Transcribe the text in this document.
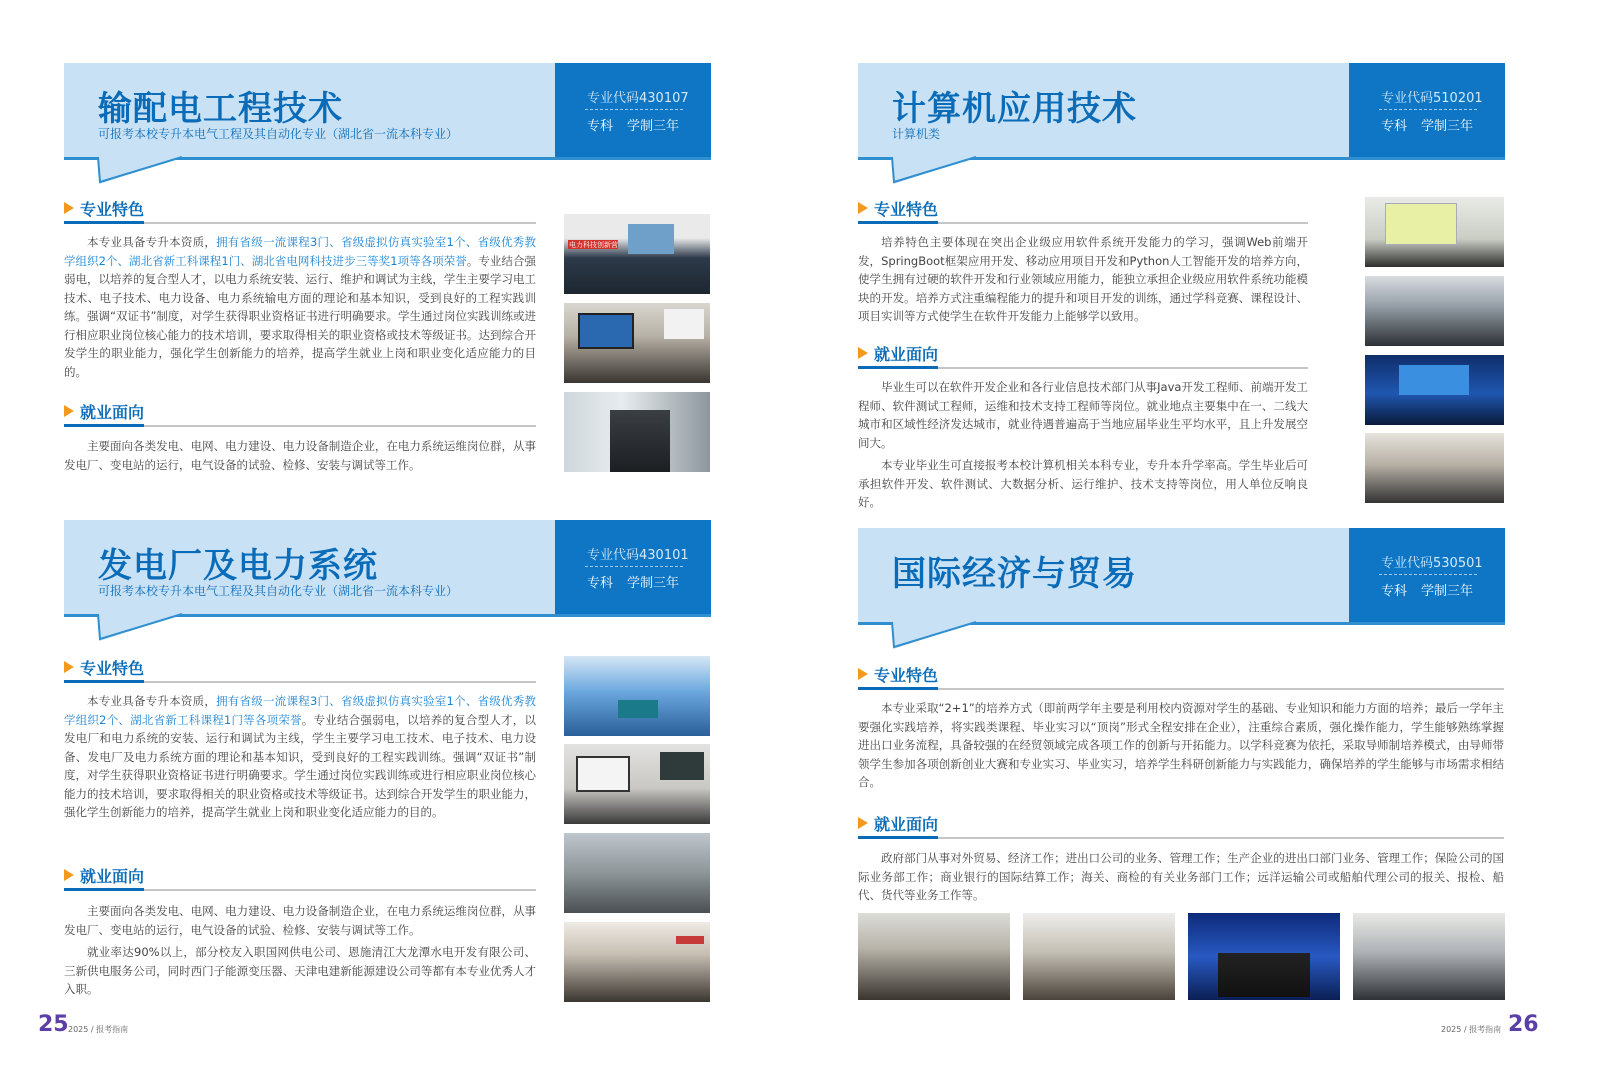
输配电工程技术
可报考本校专升本电气工程及其自动化专业（湖北省一流本科专业）
专业代码430107
专科 学制三年
专业特色
本专业具备专升本资质，拥有省级一流课程3门、省级虚拟仿真实验室1个、省级优秀教学组织2个、湖北省新工科课程1门、湖北省电网科技进步三等奖1项等各项荣誉。专业结合强弱电，以培养的复合型人才，以电力系统安装、运行、维护和调试为主线，学生主要学习电工技术、电子技术、电力设备、电力系统输电方面的理论和基本知识，受到良好的工程实践训练。强调“双证书”制度，对学生获得职业资格证书进行明确要求。学生通过岗位实践训练或进行相应职业岗位核心能力的技术培训，要求取得相关的职业资格或技术等级证书。达到综合开发学生的职业能力，强化学生创新能力的培养，提高学生就业上岗和职业变化适应能力的目的。
就业面向
主要面向各类发电、电网、电力建设、电力设备制造企业，在电力系统运维岗位群，从事发电厂、变电站的运行，电气设备的试验、检修、安装与调试等工作。
电力科技创新营
发电厂及电力系统
可报考本校专升本电气工程及其自动化专业（湖北省一流本科专业）
专业代码430101
专科 学制三年
专业特色
本专业具备专升本资质，拥有省级一流课程3门、省级虚拟仿真实验室1个、省级优秀教学组织2个、湖北省新工科课程1门等各项荣誉。专业结合强弱电，以培养的复合型人才，以发电厂和电力系统的安装、运行和调试为主线，学生主要学习电工技术、电子技术、电力设备、发电厂及电力系统方面的理论和基本知识，受到良好的工程实践训练。强调“双证书”制度，对学生获得职业资格证书进行明确要求。学生通过岗位实践训练或进行相应职业岗位核心能力的技术培训，要求取得相关的职业资格或技术等级证书。达到综合开发学生的职业能力，强化学生创新能力的培养，提高学生就业上岗和职业变化适应能力的目的。
就业面向
主要面向各类发电、电网、电力建设、电力设备制造企业，在电力系统运维岗位群，从事发电厂、变电站的运行，电气设备的试验、检修、安装与调试等工作。
就业率达90%以上，部分校友入职国网供电公司、恩施清江大龙潭水电开发有限公司、三新供电服务公司，同时西门子能源变压器、天津电建新能源建设公司等都有本专业优秀人才入职。
25 2025 / 报考指南
计算机应用技术
计算机类
专业代码510201
专科 学制三年
专业特色
培养特色主要体现在突出企业级应用软件系统开发能力的学习，强调Web前端开发，SpringBoot框架应用开发、移动应用项目开发和Python人工智能开发的培养方向，使学生拥有过硬的软件开发和行业领域应用能力，能独立承担企业级应用软件系统功能模块的开发。培养方式注重编程能力的提升和项目开发的训练，通过学科竞赛、课程设计、项目实训等方式使学生在软件开发能力上能够学以致用。
就业面向
毕业生可以在软件开发企业和各行业信息技术部门从事Java开发工程师、前端开发工程师、软件测试工程师，运维和技术支持工程师等岗位。就业地点主要集中在一、二线大城市和区域性经济发达城市，就业待遇普遍高于当地应届毕业生平均水平，且上升发展空间大。
本专业毕业生可直接报考本校计算机相关本科专业，专升本升学率高。学生毕业后可承担软件开发、软件测试、大数据分析、运行维护、技术支持等岗位，用人单位反响良好。
国际经济与贸易	专业代码530501
专科 学制三年
专业特色
本专业采取“2+1”的培养方式（即前两学年主要是利用校内资源对学生的基础、专业知识和能力方面的培养；最后一学年主要强化实践培养，将实践类课程、毕业实习以“顶岗”形式全程安排在企业），注重综合素质，强化操作能力，学生能够熟练掌握进出口业务流程，具备较强的在经贸领域完成各项工作的创新与开拓能力。以学科竞赛为依托，采取导师制培养模式，由导师带领学生参加各项创新创业大赛和专业实习、毕业实习，培养学生科研创新能力与实践能力，确保培养的学生能够与市场需求相结合。
就业面向
政府部门从事对外贸易、经济工作；进出口公司的业务、管理工作；生产企业的进出口部门业务、管理工作；保险公司的国际业务部工作；商业银行的国际结算工作；海关、商检的有关业务部门工作；远洋运输公司或船舶代理公司的报关、报检、船代、货代等业务工作等。
2025 / 报考指南 26
